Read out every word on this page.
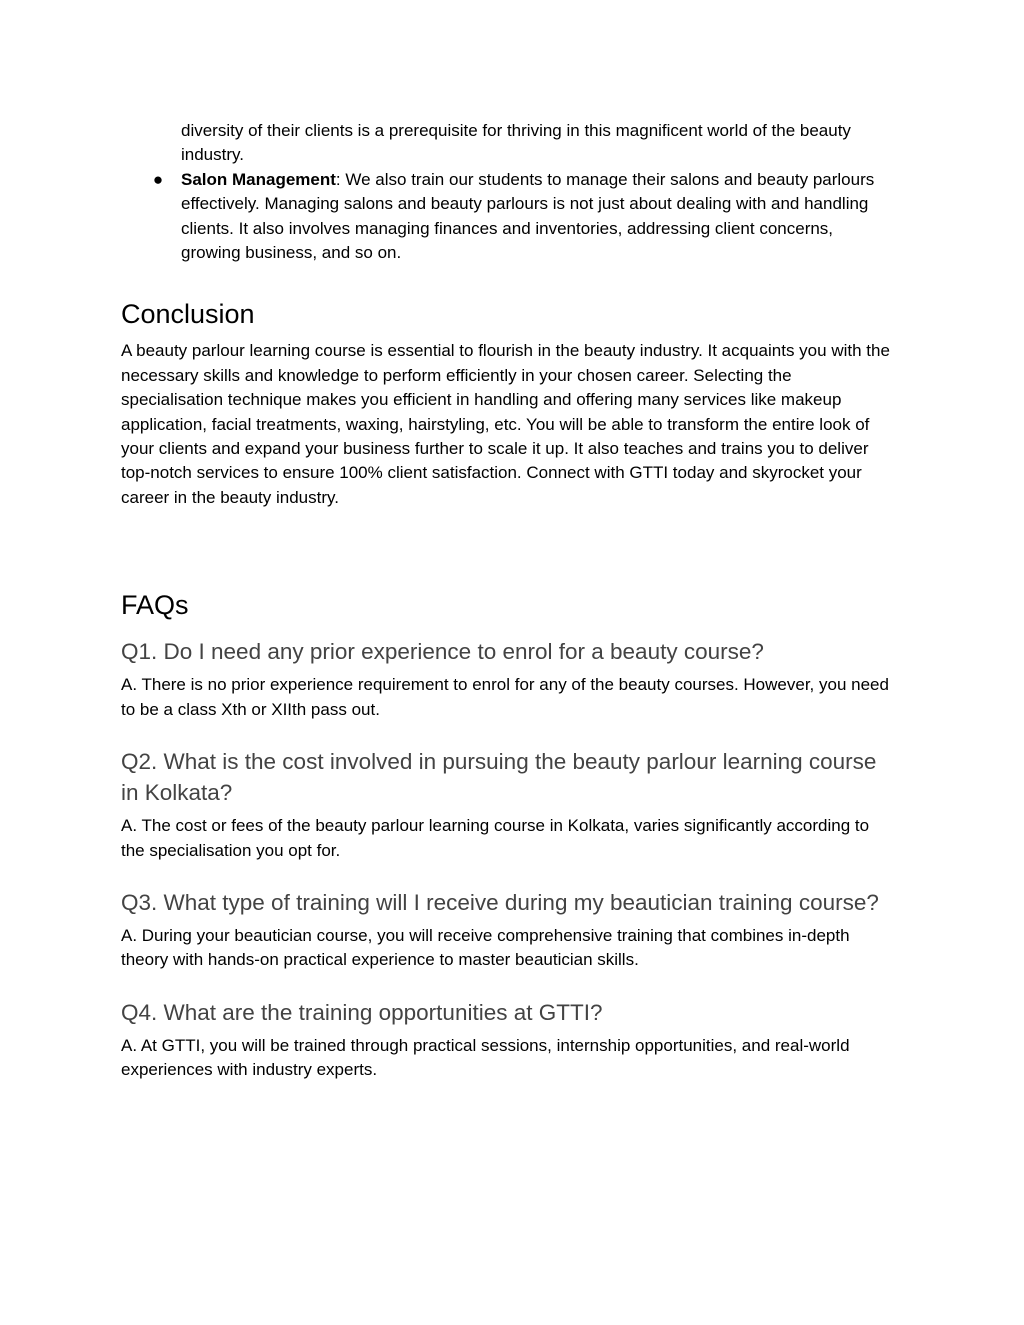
diversity of their clients is a prerequisite for thriving in this magnificent world of the beauty industry.

● Salon Management: We also train our students to manage their salons and beauty parlours effectively. Managing salons and beauty parlours is not just about dealing with and handling clients. It also involves managing finances and inventories, addressing client concerns, growing business, and so on.
Conclusion

A beauty parlour learning course is essential to flourish in the beauty industry. It acquaints you with the necessary skills and knowledge to perform efficiently in your chosen career. Selecting the specialisation technique makes you efficient in handling and offering many services like makeup application, facial treatments, waxing, hairstyling, etc. You will be able to transform the entire look of your clients and expand your business further to scale it up. It also teaches and trains you to deliver top-notch services to ensure 100% client satisfaction. Connect with GTTI today and skyrocket your career in the beauty industry.

FAQs
Q1. Do I need any prior experience to enrol for a beauty course?

A. There is no prior experience requirement to enrol for any of the beauty courses. However, you need to be a class Xth or XIIth pass out.

Q2. What is the cost involved in pursuing the beauty parlour learning course in Kolkata?

A. The cost or fees of the beauty parlour learning course in Kolkata, varies significantly according to the specialisation you opt for.

Q3. What type of training will I receive during my beautician training course?

A. During your beautician course, you will receive comprehensive training that combines in-depth theory with hands-on practical experience to master beautician skills.

Q4. What are the training opportunities at GTTI?

A. At GTTI, you will be trained through practical sessions, internship opportunities, and real-world experiences with industry experts.
